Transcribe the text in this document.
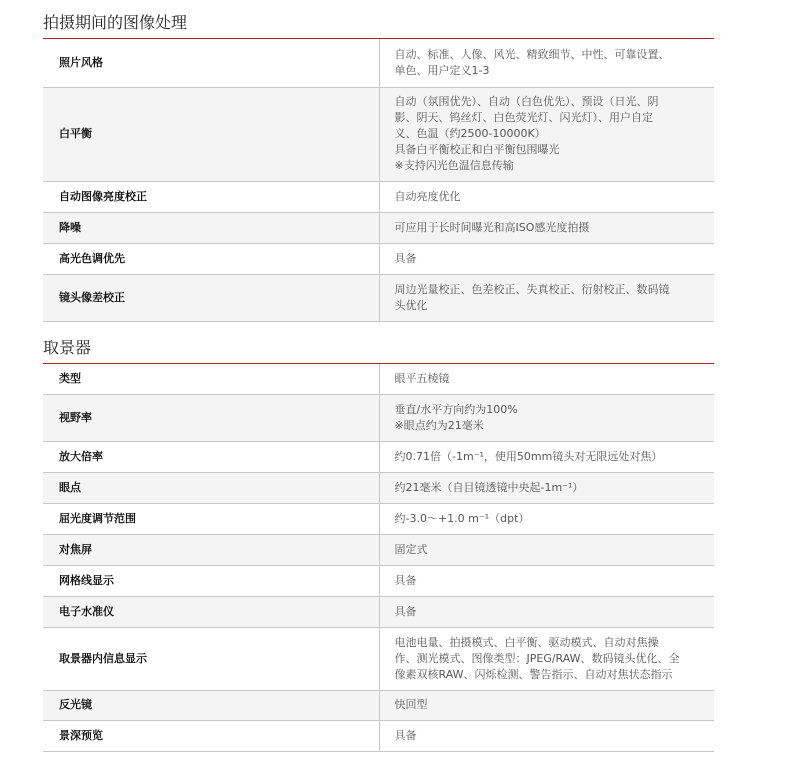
拍摄期间的图像处理
照片风格	自动、标准、人像、风光、精致细节、中性、可靠设置、
单色、用户定义1-3

白平衡	自动（氛围优先）、自动（白色优先）、预设（日光、阴
影、阴天、钨丝灯、白色荧光灯、闪光灯）、用户自定
义、色温（约2500-10000K）
具备白平衡校正和白平衡包围曝光
※支持闪光色温信息传输

自动图像亮度校正	自动亮度优化

降噪	可应用于长时间曝光和高ISO感光度拍摄

高光色调优先	具备

镜头像差校正	周边光量校正、色差校正、失真校正、衍射校正、数码镜
头优化
取景器
类型	眼平五棱镜

视野率	垂直/水平方向约为100%
※眼点约为21毫米

放大倍率	约0.71倍（-1m⁻¹，使用50mm镜头对无限远处对焦）

眼点	约21毫米（自目镜透镜中央起-1m⁻¹）

屈光度调节范围	约-3.0～+1.0 m⁻¹（dpt）

对焦屏	固定式

网格线显示	具备

电子水准仪	具备

取景器内信息显示	电池电量、拍摄模式、白平衡、驱动模式、自动对焦操
作、测光模式、图像类型：JPEG/RAW、数码镜头优化、全
像素双核RAW、闪烁检测、警告指示、自动对焦状态指示

反光镜	快回型

景深预览	具备
